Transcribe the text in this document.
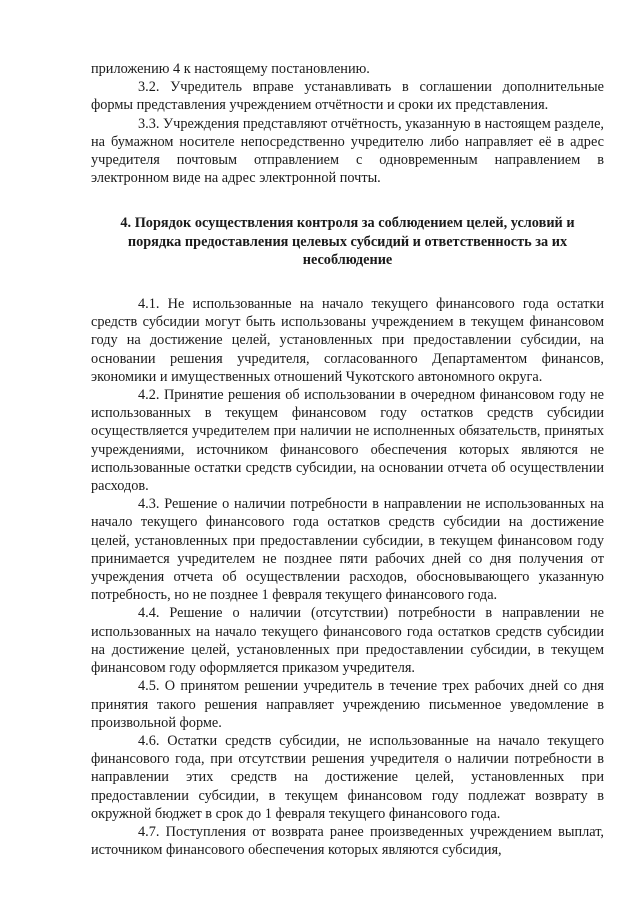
приложению 4 к настоящему постановлению.

3.2. Учредитель вправе устанавливать в соглашении дополнительные формы представления учреждением отчётности и сроки их представления.

3.3. Учреждения представляют отчётность, указанную в настоящем разделе, на бумажном носителе непосредственно учредителю либо направляет её в адрес учредителя почтовым отправлением с одновременным направлением в электронном виде на адрес электронной почты.

4. Порядок осуществления контроля за соблюдением целей, условий и порядка предоставления целевых субсидий и ответственность за их несоблюдение

4.1. Не использованные на начало текущего финансового года остатки средств субсидии могут быть использованы учреждением в текущем финансовом году на достижение целей, установленных при предоставлении субсидии, на основании решения учредителя, согласованного Департаментом финансов, экономики и имущественных отношений Чукотского автономного округа.

4.2. Принятие решения об использовании в очередном финансовом году не использованных в текущем финансовом году остатков средств субсидии осуществляется учредителем при наличии не исполненных обязательств, принятых учреждениями, источником финансового обеспечения которых являются не использованные остатки средств субсидии, на основании отчета об осуществлении расходов.

4.3. Решение о наличии потребности в направлении не использованных на начало текущего финансового года остатков средств субсидии на достижение целей, установленных при предоставлении субсидии, в текущем финансовом году принимается учредителем не позднее пяти рабочих дней со дня получения от учреждения отчета об осуществлении расходов, обосновывающего указанную потребность, но не позднее 1 февраля текущего финансового года.

4.4. Решение о наличии (отсутствии) потребности в направлении не использованных на начало текущего финансового года остатков средств субсидии на достижение целей, установленных при предоставлении субсидии, в текущем финансовом году оформляется приказом учредителя.

4.5. О принятом решении учредитель в течение трех рабочих дней со дня принятия такого решения направляет учреждению письменное уведомление в произвольной форме.

4.6. Остатки средств субсидии, не использованные на начало текущего финансового года, при отсутствии решения учредителя о наличии потребности в направлении этих средств на достижение целей, установленных при предоставлении субсидии, в текущем финансовом году подлежат возврату в окружной бюджет в срок до 1 февраля текущего финансового года.

4.7. Поступления от возврата ранее произведенных учреждением выплат, источником финансового обеспечения которых являются субсидия,
